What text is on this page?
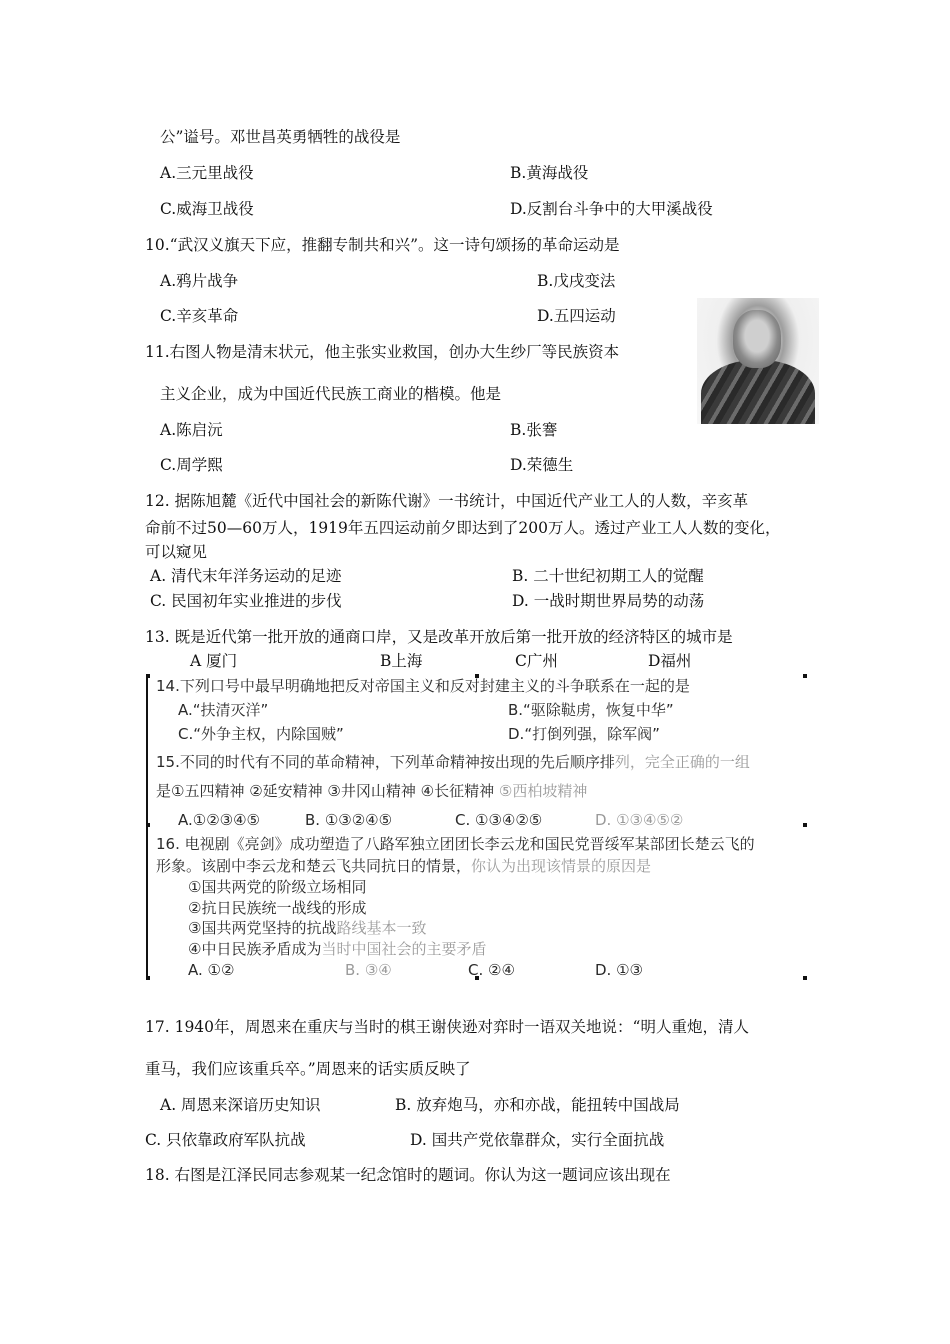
公”谥号。邓世昌英勇牺牲的战役是
A.三元里战役	B.黄海战役
C.威海卫战役	D.反割台斗争中的大甲溪战役
10.“武汉义旗天下应，推翻专制共和兴”。这一诗句颂扬的革命运动是
A.鸦片战争	B.戊戌变法
C.辛亥革命	D.五四运动
11.右图人物是清末状元，他主张实业救国，创办大生纱厂等民族资本
主义企业，成为中国近代民族工商业的楷模。他是
A.陈启沅	B.张謇
C.周学熙	D.荣德生
12. 据陈旭麓《近代中国社会的新陈代谢》一书统计，中国近代产业工人的人数，辛亥革
命前不过50—60万人，1919年五四运动前夕即达到了200万人。透过产业工人人数的变化，
可以窥见
A. 清代末年洋务运动的足迹	B. 二十世纪初期工人的觉醒
C. 民国初年实业推进的步伐	D. 一战时期世界局势的动荡
13. 既是近代第一批开放的通商口岸，又是改革开放后第一批开放的经济特区的城市是
A 厦门	B上海	C广州	D福州
14.下列口号中最早明确地把反对帝国主义和反对封建主义的斗争联系在一起的是
A.“扶清灭洋”	B.“驱除鞑虏，恢复中华”
C.“外争主权，内除国贼”	D.“打倒列强，除军阀”
15.不同的时代有不同的革命精神，下列革命精神按出现的先后顺序排列，完全正确的一组
是①五四精神 ②延安精神 ③井冈山精神 ④长征精神 ⑤西柏坡精神
A.①②③④⑤	B. ①③②④⑤	C. ①③④②⑤	D. ①③④⑤②
16. 电视剧《亮剑》成功塑造了八路军独立团团长李云龙和国民党晋绥军某部团长楚云飞的
形象。该剧中李云龙和楚云飞共同抗日的情景，你认为出现该情景的原因是
①国共两党的阶级立场相同
②抗日民族统一战线的形成
③国共两党坚持的抗战路线基本一致
④中日民族矛盾成为当时中国社会的主要矛盾
A. ①②	B. ③④	C. ②④	D. ①③
17. 1940年，周恩来在重庆与当时的棋王谢侠逊对弈时一语双关地说：“明人重炮，清人
重马，我们应该重兵卒。”周恩来的话实质反映了
A. 周恩来深谙历史知识	B. 放弃炮马，亦和亦战，能扭转中国战局
C. 只依靠政府军队抗战	D. 国共产党依靠群众，实行全面抗战
18. 右图是江泽民同志参观某一纪念馆时的题词。你认为这一题词应该出现在
